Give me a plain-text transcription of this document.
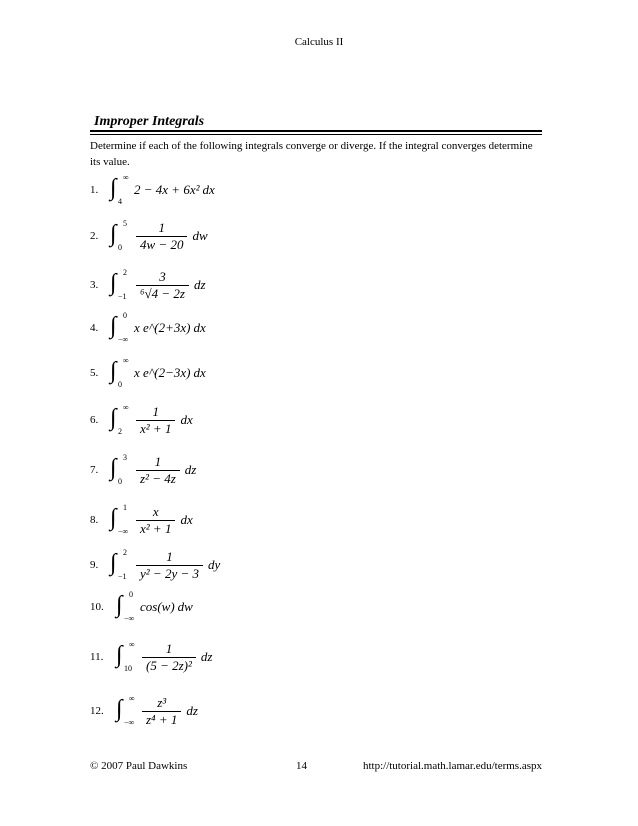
Calculus II
Improper Integrals
Determine if each of the following integrals converge or diverge. If the integral converges determine its value.
1. ∫ ∞
4
2 − 4x + 6x² dx
2. ∫ 5
$0 \frac{1}{4w - 20}$ dw
3. ∫ 2
$-1 \frac{3}{\text{⁶√4 − 2z}}$ dz
4. ∫ 0
−∞
x e^(2+3x) dx
5. ∫ ∞
0
x e^(2−3x) dx
6. ∫ ∞
$2 \frac{1}{\text{x² + 1}}$ dx
7. ∫ 3
$0 \frac{1}{\text{z² − 4z}}$ dz
8. ∫ 1
−∞ $\frac{x}{\text{x² + 1}}$ dx
9. ∫ 2
$-1 \frac{1}{\text{y² − 2y − 3}}$ dy
10. ∫ 0
−∞
cos(w) dw
11. ∫ ∞
$10 \frac{1}{\text{(5 − 2z)²}}$ dz
12. ∫ ∞
−∞ $\frac{\text{z³}}{\text{z⁴ + 1}}$ dz
© 2007 Paul Dawkins	14	http://tutorial.math.lamar.edu/terms.aspx
